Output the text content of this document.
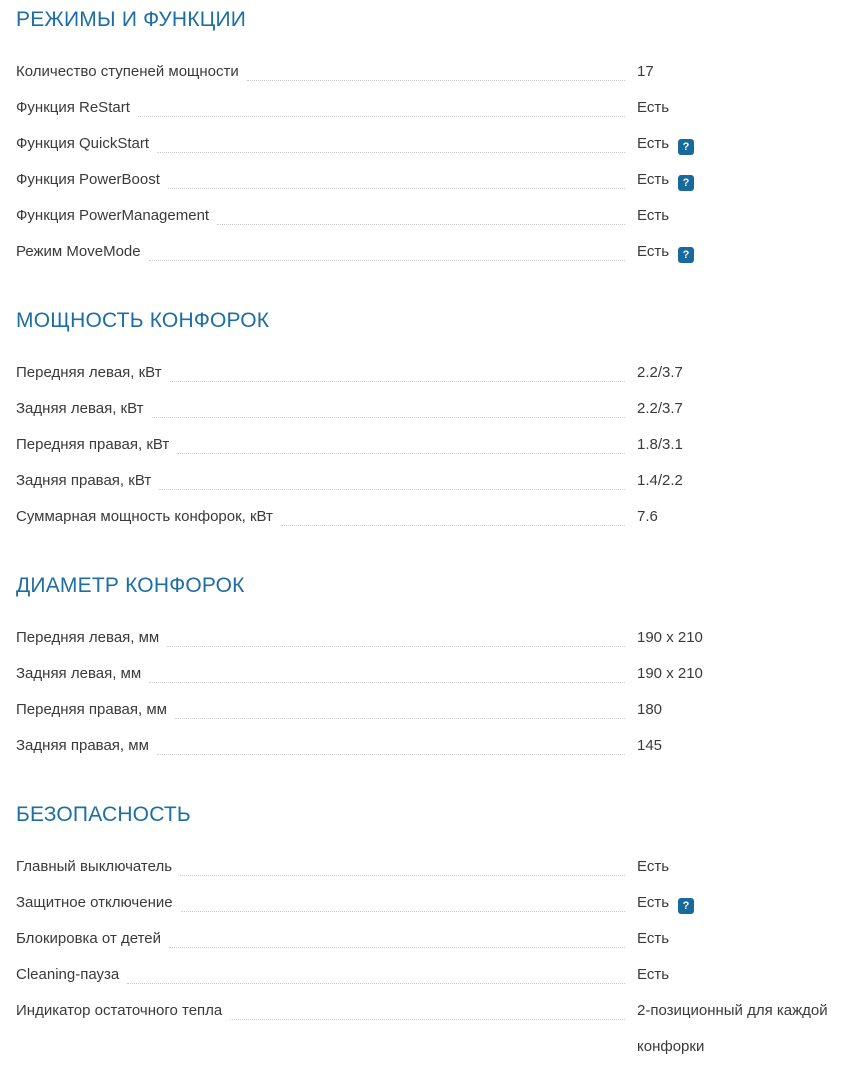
РЕЖИМЫ И ФУНКЦИИ
Количество ступеней мощности	17
Функция ReStart	Есть
Функция QuickStart	Есть ?
Функция PowerBoost	Есть ?
Функция PowerManagement	Есть
Режим MoveMode	Есть ?
МОЩНОСТЬ КОНФОРОК
Передняя левая, кВт	2.2/3.7
Задняя левая, кВт	2.2/3.7
Передняя правая, кВт	1.8/3.1
Задняя правая, кВт	1.4/2.2
Суммарная мощность конфорок, кВт	7.6
ДИАМЕТР КОНФОРОК
Передняя левая, мм	190 x 210
Задняя левая, мм	190 x 210
Передняя правая, мм	180
Задняя правая, мм	145
БЕЗОПАСНОСТЬ
Главный выключатель	Есть
Защитное отключение	Есть ?
Блокировка от детей	Есть
Cleaning-пауза	Есть
Индикатор остаточного тепла	2-позиционный для каждой конфорки
